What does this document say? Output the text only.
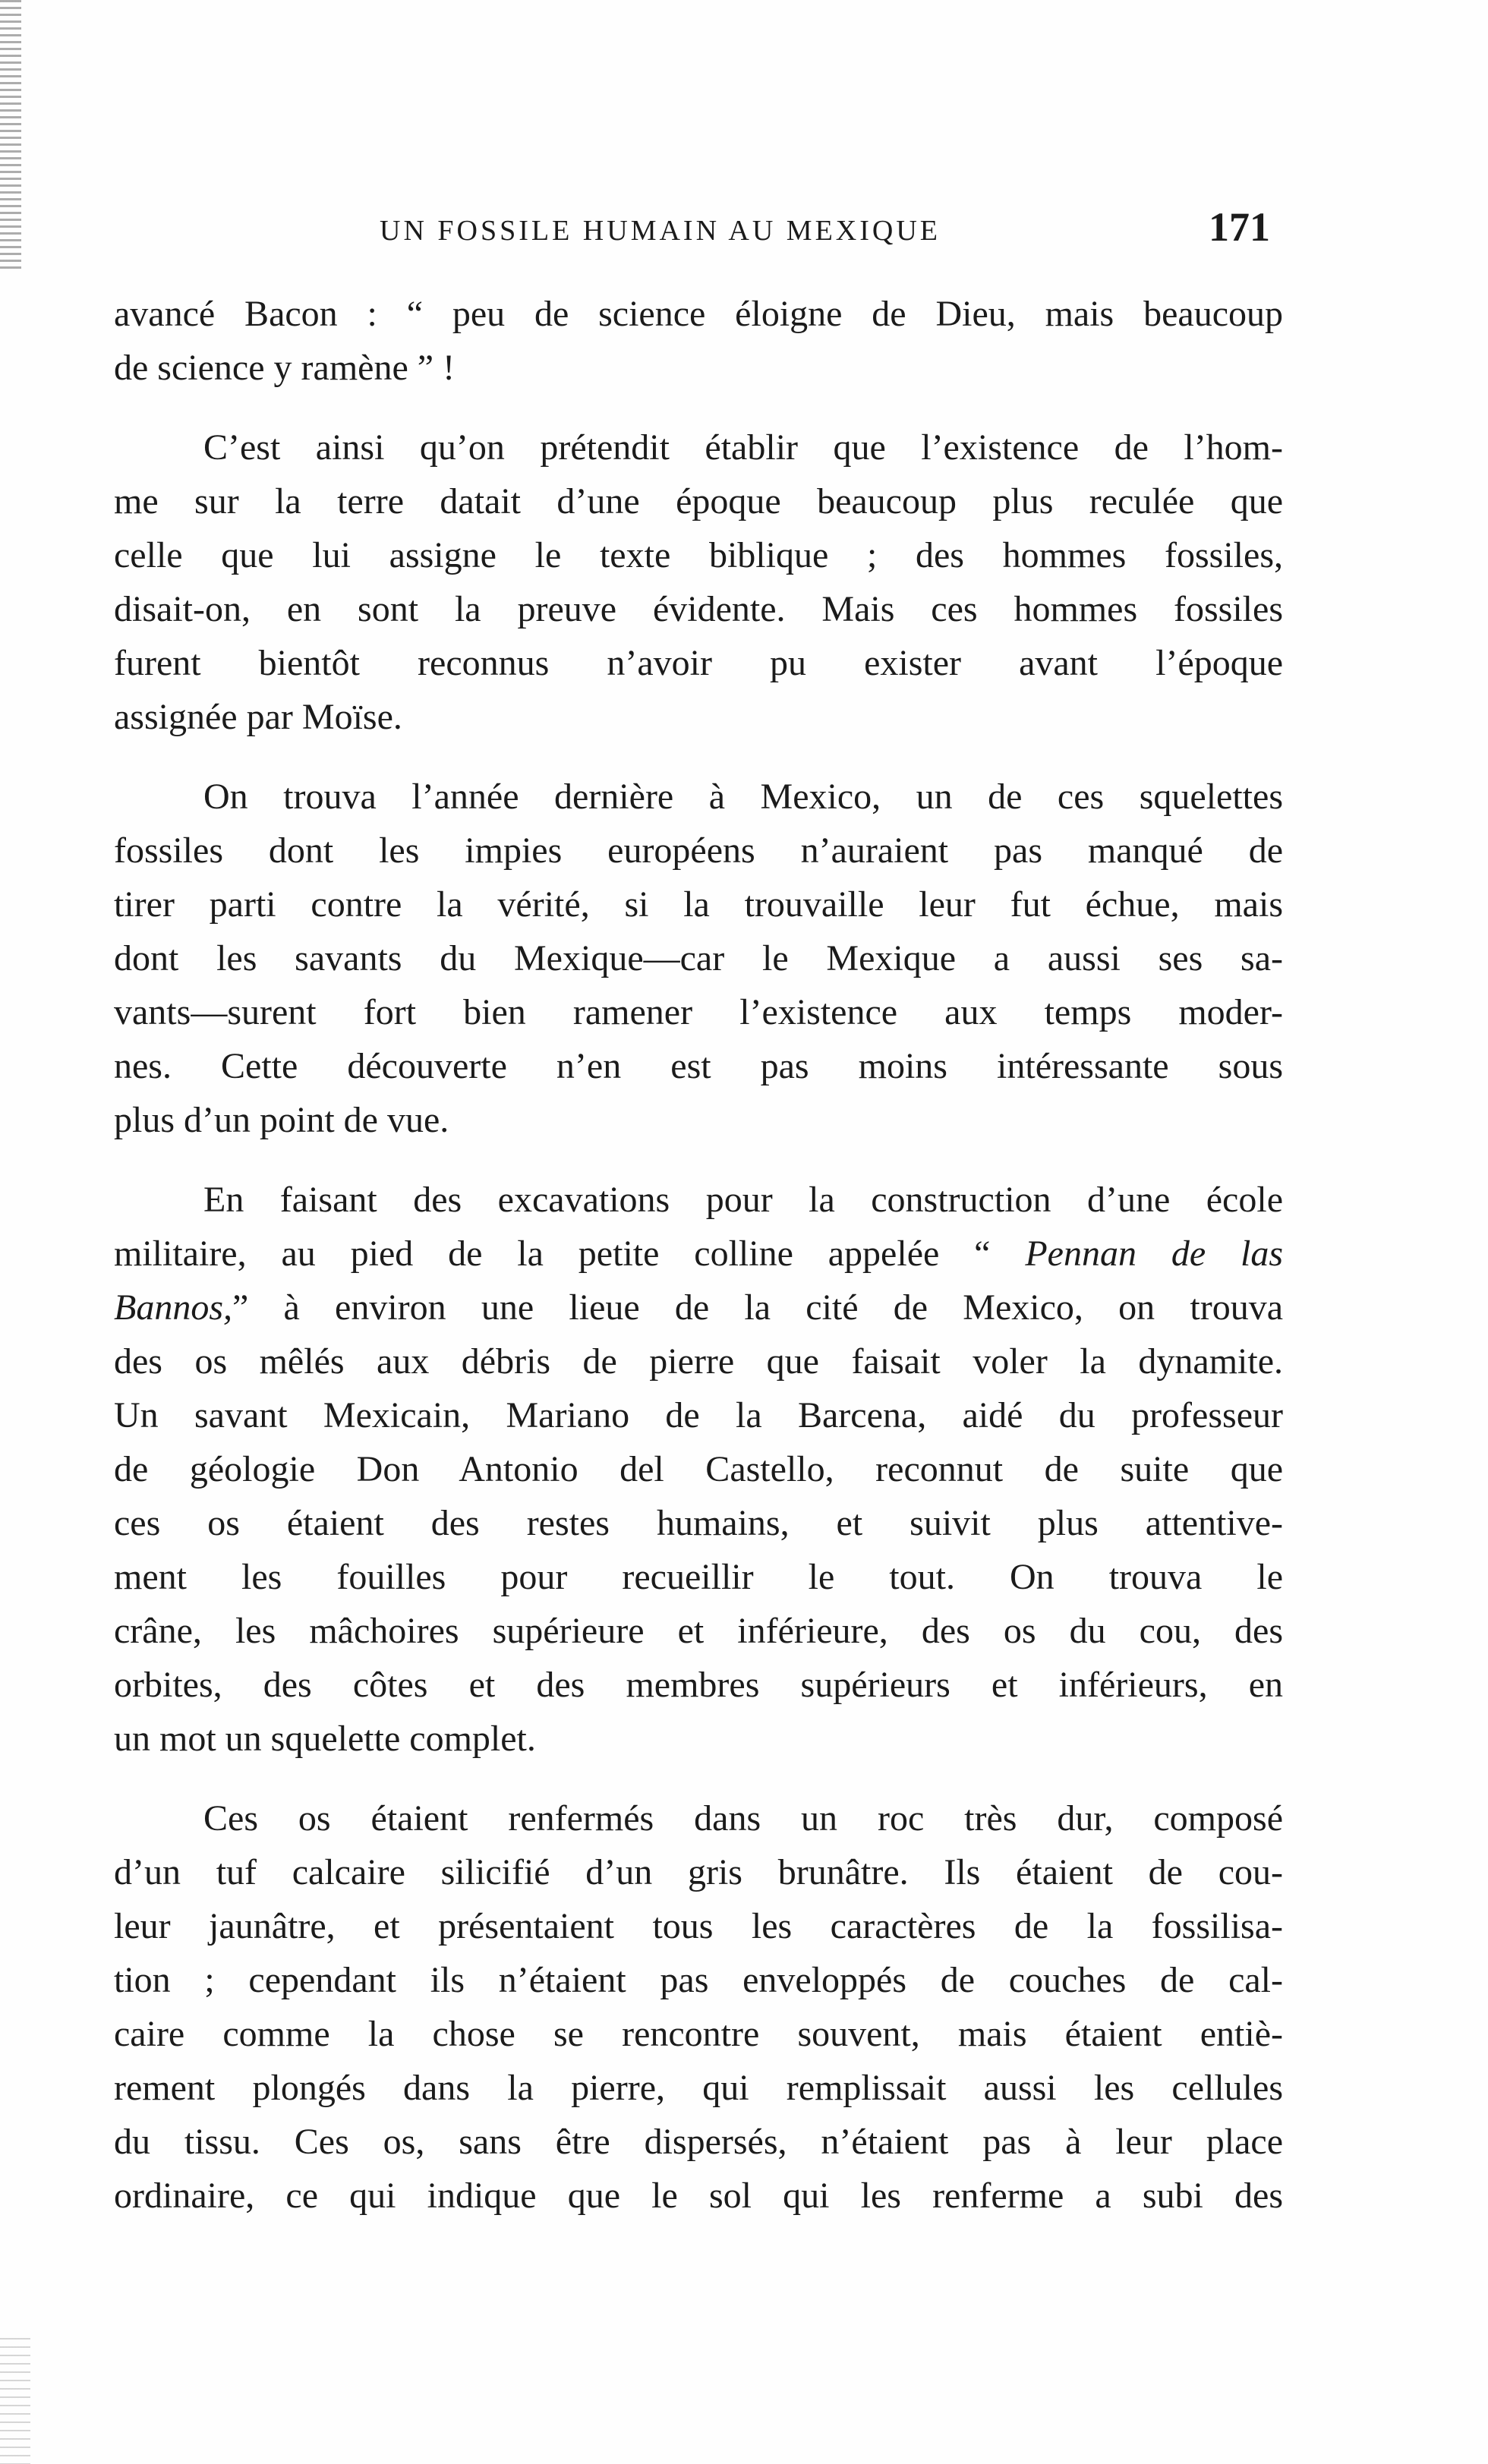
UN FOSSILE HUMAIN AU MEXIQUE	171
avancé Bacon : “ peu de science éloigne de Dieu, mais beaucoup
de science y ramène ” !
C’est ainsi qu’on prétendit établir que l’existence de l’hom-
me sur la terre datait d’une époque beaucoup plus reculée que
celle que lui assigne le texte biblique ; des hommes fossiles,
disait-on, en sont la preuve évidente. Mais ces hommes fossiles
furent bientôt reconnus n’avoir pu exister avant l’époque
assignée par Moïse.
On trouva l’année dernière à Mexico, un de ces squelettes
fossiles dont les impies européens n’auraient pas manqué de
tirer parti contre la vérité, si la trouvaille leur fut échue, mais
dont les savants du Mexique—car le Mexique a aussi ses sa-
vants—surent fort bien ramener l’existence aux temps moder-
nes. Cette découverte n’en est pas moins intéressante sous
plus d’un point de vue.
En faisant des excavations pour la construction d’une école
militaire, au pied de la petite colline appelée “ Pennan de las
Bannos,” à environ une lieue de la cité de Mexico, on trouva
des os mêlés aux débris de pierre que faisait voler la dynamite.
Un savant Mexicain, Mariano de la Barcena, aidé du professeur
de géologie Don Antonio del Castello, reconnut de suite que
ces os étaient des restes humains, et suivit plus attentive-
ment les fouilles pour recueillir le tout. On trouva le
crâne, les mâchoires supérieure et inférieure, des os du cou, des
orbites, des côtes et des membres supérieurs et inférieurs, en
un mot un squelette complet.
Ces os étaient renfermés dans un roc très dur, composé
d’un tuf calcaire silicifié d’un gris brunâtre. Ils étaient de cou-
leur jaunâtre, et présentaient tous les caractères de la fossilisa-
tion ; cependant ils n’étaient pas enveloppés de couches de cal-
caire comme la chose se rencontre souvent, mais étaient entiè-
rement plongés dans la pierre, qui remplissait aussi les cellules
du tissu. Ces os, sans être dispersés, n’étaient pas à leur place
ordinaire, ce qui indique que le sol qui les renferme a subi des
